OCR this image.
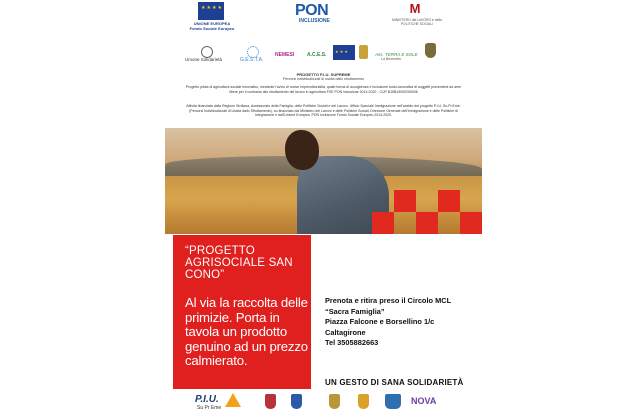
★★★★
UNIONE EUROPEA
Fondo Sociale Europeo
PON
INCLUSIONE
M
MINISTERO del LAVORO e delle POLITICHE SOCIALI
Umone Solidarietà	G.E.S.T.A.
NEMESI	A.C.E.S.
★ ★ ★	Ass. TERRA E SOLE
La Brunnella
PROGETTO P.I.U. SUPREME
Percorsi individualizzati di uscita dallo sfruttamento
Progetto pilota di agricoltura sociale innovativo, mediante l'avvio di nuove imprenditorialità, quale forma di accoglienza e inclusione socio-lavorativa di soggetti provenienti da aree libere per il contrasto allo sfruttamento del lavoro in agricoltura FSE PON inclusione 2014-2020 - CUP B15B19000250006
Attività finanziata dalla Regione Siciliana, Assessorato della Famiglia, delle Politiche Sociali e del Lavoro, Ufficio Speciale Immigrazione nell'ambito del progetto P.I.U. Su.Pr.Eme. (Percorsi Individualizzati di Uscita dallo Sfruttamento), co-finanziato dal Ministero del Lavoro e delle Politiche Sociali, Direzione Generale dell'Immigrazione e delle Politiche di Integrazione e dall'Unione Europea, PON Inclusione Fondo Sociale Europeo 2014-2020.
“PROGETTO AGRISOCIALE SAN CONO”
Al via la raccolta delle primizie. Porta in tavola un prodotto genuino ad un prezzo calmierato.
Prenota e ritira preso il Circolo MCL
“Sacra Famiglia”
Piazza Falcone e Borsellino 1/c
Caltagirone
Tel 3505882663
UN GESTO DI SANA SOLIDARIETÀ
P.I.U.
Su Pr Eme
NOVA
